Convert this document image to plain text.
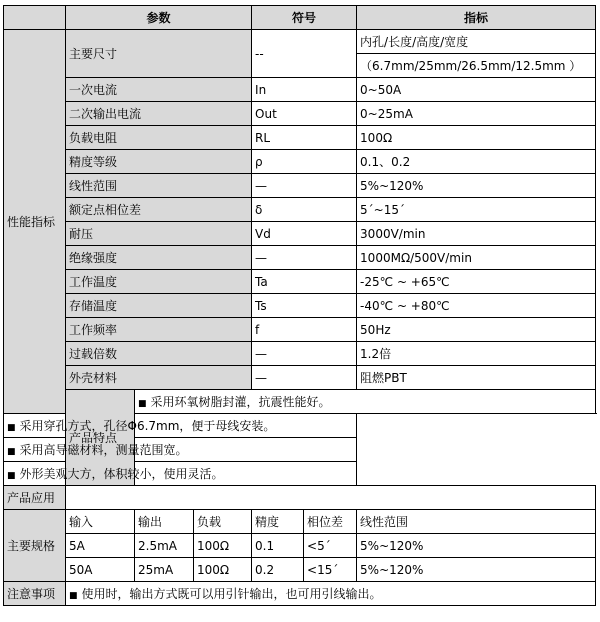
	参数			符号		指标
性能指标	主要尺寸			--		内孔/长度/高度/宽度
						（6.7mm/25mm/26.5mm/12.5mm ）
	一次电流			In		0~50A
	二次输出电流			Out		0~25mA
	负载电阻			RL		100Ω
	精度等级			ρ		0.1、0.2
	线性范围			—		5%~120%
	额定点相位差			δ		5´~15´
	耐压			Vd		3000V/min
	绝缘强度			—		1000MΩ/500V/min
	工作温度			Ta		-25℃ ~ +65℃
	存储温度			Ts		-40℃ ~ +80℃
	工作频率			f		50Hz
	过载倍数			—		1.2倍
	外壳材料			—		阻燃PBT
	产品特点	■ 采用环氧树脂封灌，抗震性能好。				
■ 采用穿孔方式，孔径Φ6.7mm，便于母线安装。						
■ 采用高导磁材料，测量范围宽。						
■ 外形美观大方，体积较小，使用灵活。						
产品应用						
主要规格	输入	输出	负载	精度	相位差	线性范围
	5A	2.5mA	100Ω	0.1	<5´	5%~120%
	50A	25mA	100Ω	0.2	<15´	5%~120%
注意事项	■ 使用时，输出方式既可以用引针输出，也可用引线输出。					
